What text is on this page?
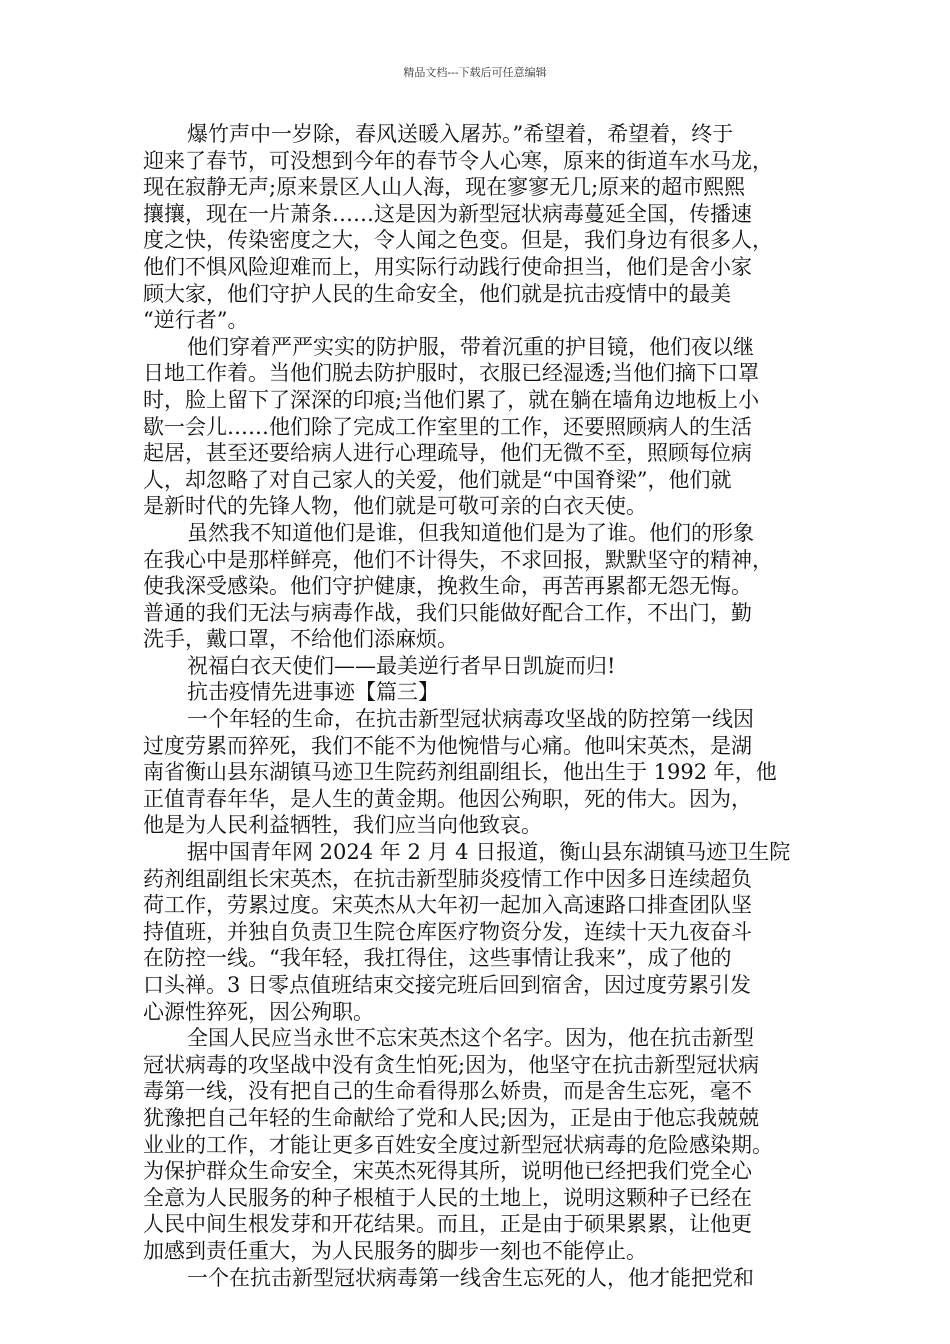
精品文档---下载后可任意编辑
爆竹声中一岁除，春风送暖入屠苏。”希望着，希望着，终于
迎来了春节，可没想到今年的春节令人心寒，原来的街道车水马龙，
现在寂静无声;原来景区人山人海，现在寥寥无几;原来的超市熙熙
攘攘，现在一片萧条……这是因为新型冠状病毒蔓延全国，传播速
度之快，传染密度之大，令人闻之色变。但是，我们身边有很多人，
他们不惧风险迎难而上，用实际行动践行使命担当，他们是舍小家
顾大家，他们守护人民的生命安全，他们就是抗击疫情中的最美
“逆行者”。
他们穿着严严实实的防护服，带着沉重的护目镜，他们夜以继
日地工作着。当他们脱去防护服时，衣服已经湿透;当他们摘下口罩
时，脸上留下了深深的印痕;当他们累了，就在躺在墙角边地板上小
歇一会儿……他们除了完成工作室里的工作，还要照顾病人的生活
起居，甚至还要给病人进行心理疏导，他们无微不至，照顾每位病
人，却忽略了对自己家人的关爱，他们就是“中国脊梁”，他们就
是新时代的先锋人物，他们就是可敬可亲的白衣天使。
虽然我不知道他们是谁，但我知道他们是为了谁。他们的形象
在我心中是那样鲜亮，他们不计得失，不求回报，默默坚守的精神，
使我深受感染。他们守护健康，挽救生命，再苦再累都无怨无悔。
普通的我们无法与病毒作战，我们只能做好配合工作，不出门，勤
洗手，戴口罩，不给他们添麻烦。
祝福白衣天使们——最美逆行者早日凯旋而归!
抗击疫情先进事迹【篇三】
一个年轻的生命，在抗击新型冠状病毒攻坚战的防控第一线因
过度劳累而猝死，我们不能不为他惋惜与心痛。他叫宋英杰，是湖
南省衡山县东湖镇马迹卫生院药剂组副组长，他出生于 1992 年，他
正值青春年华，是人生的黄金期。他因公殉职，死的伟大。因为，
他是为人民利益牺牲，我们应当向他致哀。
据中国青年网 2024 年 2 月 4 日报道，衡山县东湖镇马迹卫生院
药剂组副组长宋英杰，在抗击新型肺炎疫情工作中因多日连续超负
荷工作，劳累过度。宋英杰从大年初一起加入高速路口排查团队坚
持值班，并独自负责卫生院仓库医疗物资分发，连续十天九夜奋斗
在防控一线。“我年轻，我扛得住，这些事情让我来”，成了他的
口头禅。3 日零点值班结束交接完班后回到宿舍，因过度劳累引发
心源性猝死，因公殉职。
全国人民应当永世不忘宋英杰这个名字。因为，他在抗击新型
冠状病毒的攻坚战中没有贪生怕死;因为，他坚守在抗击新型冠状病
毒第一线，没有把自己的生命看得那么娇贵，而是舍生忘死，毫不
犹豫把自己年轻的生命献给了党和人民;因为，正是由于他忘我兢兢
业业的工作，才能让更多百姓安全度过新型冠状病毒的危险感染期。
为保护群众生命安全，宋英杰死得其所，说明他已经把我们党全心
全意为人民服务的种子根植于人民的土地上，说明这颗种子已经在
人民中间生根发芽和开花结果。而且，正是由于硕果累累，让他更
加感到责任重大，为人民服务的脚步一刻也不能停止。
一个在抗击新型冠状病毒第一线舍生忘死的人，他才能把党和
